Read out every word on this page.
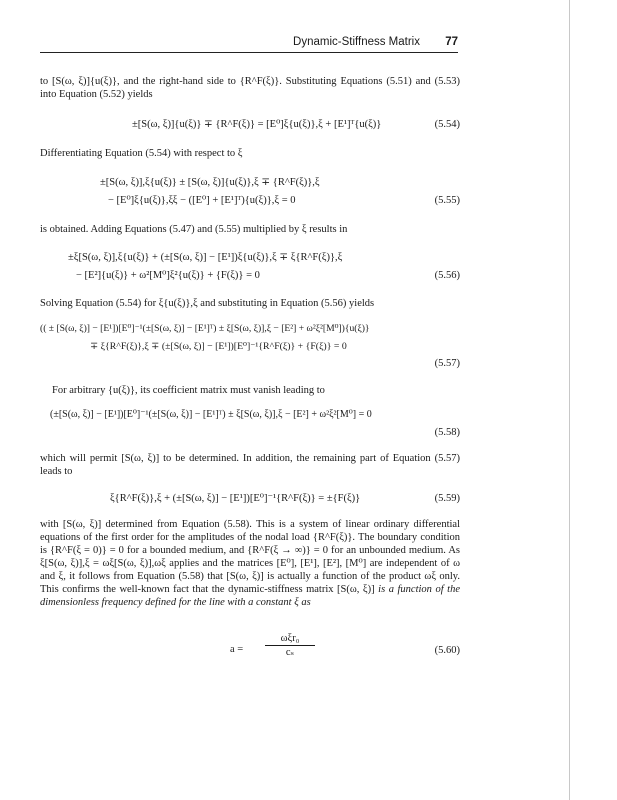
Dynamic-Stiffness Matrix 77
to [S(ω, ξ)]{u(ξ)}, and the right-hand side to {R^F(ξ)}. Substituting Equations (5.51) and (5.53) into Equation (5.52) yields
±[S(ω, ξ)]{u(ξ)} ∓ {R^F(ξ)} = [E⁰]ξ{u(ξ)},ξ + [E¹]ᵀ{u(ξ)}	(5.54)
Differentiating Equation (5.54) with respect to ξ
±[S(ω, ξ)],ξ{u(ξ)} ± [S(ω, ξ)]{u(ξ)},ξ ∓ {R^F(ξ)},ξ
− [E⁰]ξ{u(ξ)},ξξ − ([E⁰] + [E¹]ᵀ){u(ξ)},ξ = 0	(5.55)
is obtained. Adding Equations (5.47) and (5.55) multiplied by ξ results in
±ξ[S(ω, ξ)],ξ{u(ξ)} + (±[S(ω, ξ)] − [E¹])ξ{u(ξ)},ξ ∓ ξ{R^F(ξ)},ξ
− [E²]{u(ξ)} + ω²[M⁰]ξ²{u(ξ)} + {F(ξ)} = 0	(5.56)
Solving Equation (5.54) for ξ{u(ξ)},ξ and substituting in Equation (5.56) yields
(( ± [S(ω, ξ)] − [E¹])[E⁰]⁻¹(±[S(ω, ξ)] − [E¹]ᵀ) ± ξ[S(ω, ξ)],ξ − [E²] + ω²ξ²[M⁰]){u(ξ)}
∓ ξ{R^F(ξ)},ξ ∓ (±[S(ω, ξ)] − [E¹])[E⁰]⁻¹{R^F(ξ)} + {F(ξ)} = 0
(5.57)
For arbitrary {u(ξ)}, its coefficient matrix must vanish leading to
(±[S(ω, ξ)] − [E¹])[E⁰]⁻¹(±[S(ω, ξ)] − [E¹]ᵀ) ± ξ[S(ω, ξ)],ξ − [E²] + ω²ξ²[M⁰] = 0
(5.58)
which will permit [S(ω, ξ)] to be determined. In addition, the remaining part of Equation (5.57) leads to
ξ{R^F(ξ)},ξ + (±[S(ω, ξ)] − [E¹])[E⁰]⁻¹{R^F(ξ)} = ±{F(ξ)}	(5.59)
with [S(ω, ξ)] determined from Equation (5.58). This is a system of linear ordinary differential equations of the first order for the amplitudes of the nodal load {R^F(ξ)}. The boundary condition is {R^F(ξ = 0)} = 0 for a bounded medium, and {R^F(ξ → ∞)} = 0 for an unbounded medium. As ξ[S(ω, ξ)],ξ = ωξ[S(ω, ξ)],ωξ applies and the matrices [E⁰], [E¹], [E²], [M⁰] are independent of ω and ξ, it follows from Equation (5.58) that [S(ω, ξ)] is actually a function of the product ωξ only. This confirms the well-known fact that the dynamic-stiffness matrix [S(ω, ξ)] is a function of the dimensionless frequency defined for the line with a constant ξ as
a =
ωξr₀
cₛ	(5.60)
